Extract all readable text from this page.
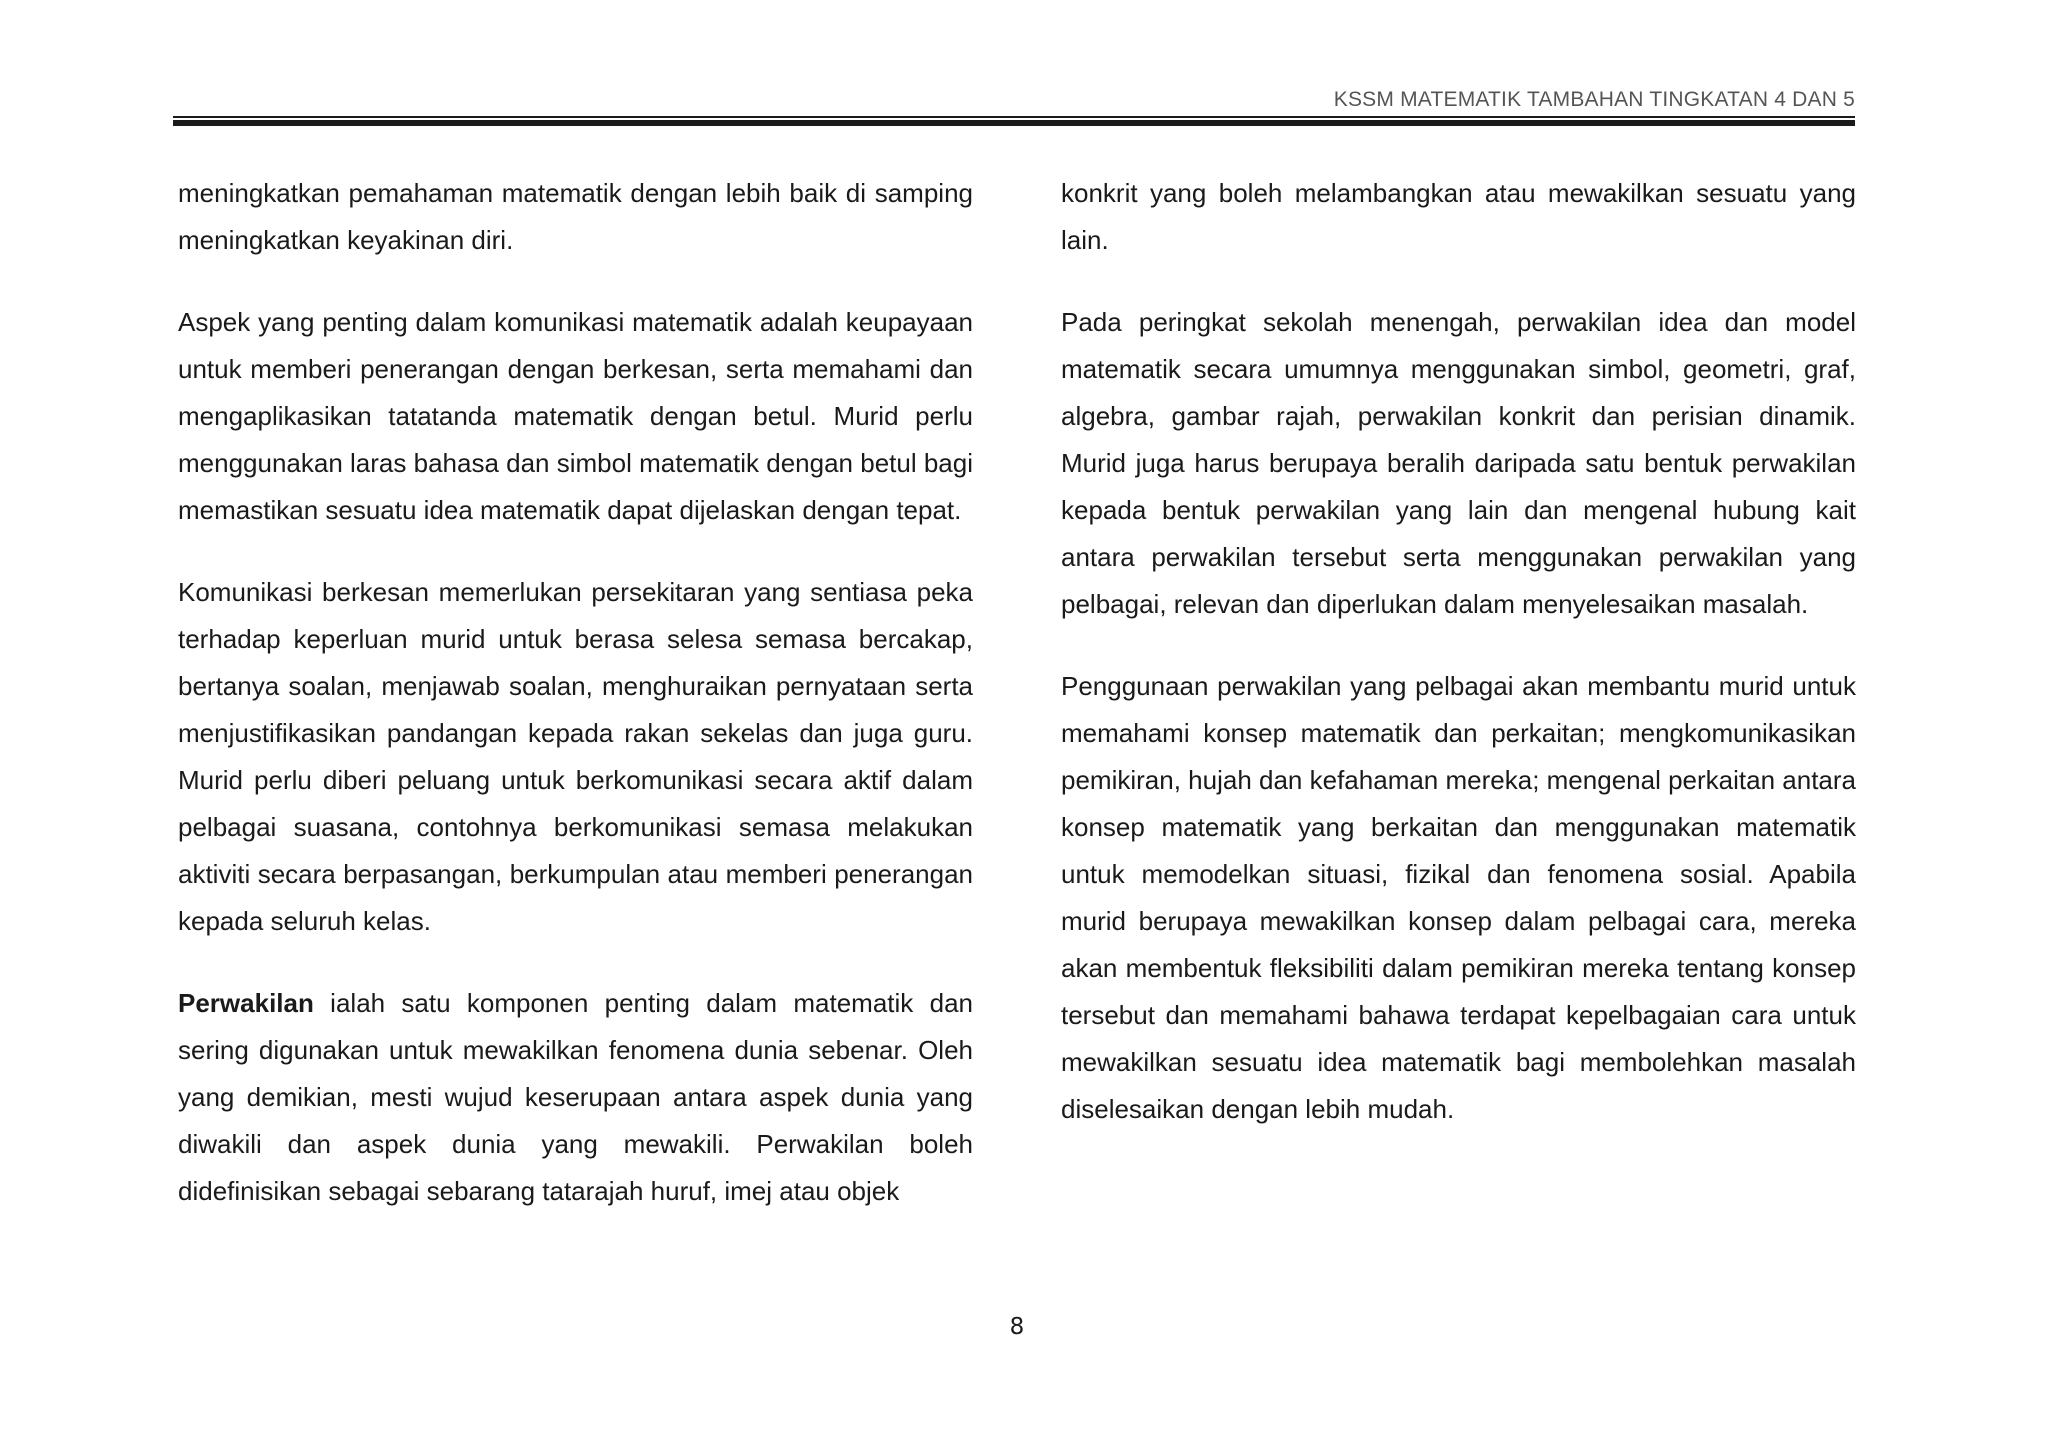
KSSM MATEMATIK TAMBAHAN TINGKATAN 4 DAN 5

meningkatkan pemahaman matematik dengan lebih baik di samping meningkatkan keyakinan diri.

Aspek yang penting dalam komunikasi matematik adalah keupayaan untuk memberi penerangan dengan berkesan, serta memahami dan mengaplikasikan tatatanda matematik dengan betul. Murid perlu menggunakan laras bahasa dan simbol matematik dengan betul bagi memastikan sesuatu idea matematik dapat dijelaskan dengan tepat.

Komunikasi berkesan memerlukan persekitaran yang sentiasa peka terhadap keperluan murid untuk berasa selesa semasa bercakap, bertanya soalan, menjawab soalan, menghuraikan pernyataan serta menjustifikasikan pandangan kepada rakan sekelas dan juga guru. Murid perlu diberi peluang untuk berkomunikasi secara aktif dalam pelbagai suasana, contohnya berkomunikasi semasa melakukan aktiviti secara berpasangan, berkumpulan atau memberi penerangan kepada seluruh kelas.

Perwakilan ialah satu komponen penting dalam matematik dan sering digunakan untuk mewakilkan fenomena dunia sebenar. Oleh yang demikian, mesti wujud keserupaan antara aspek dunia yang diwakili dan aspek dunia yang mewakili. Perwakilan boleh didefinisikan sebagai sebarang tatarajah huruf, imej atau objek

konkrit yang boleh melambangkan atau mewakilkan sesuatu yang lain.

Pada peringkat sekolah menengah, perwakilan idea dan model matematik secara umumnya menggunakan simbol, geometri, graf, algebra, gambar rajah, perwakilan konkrit dan perisian dinamik. Murid juga harus berupaya beralih daripada satu bentuk perwakilan kepada bentuk perwakilan yang lain dan mengenal hubung kait antara perwakilan tersebut serta menggunakan perwakilan yang pelbagai, relevan dan diperlukan dalam menyelesaikan masalah.

Penggunaan perwakilan yang pelbagai akan membantu murid untuk memahami konsep matematik dan perkaitan; mengkomunikasikan pemikiran, hujah dan kefahaman mereka; mengenal perkaitan antara konsep matematik yang berkaitan dan menggunakan matematik untuk memodelkan situasi, fizikal dan fenomena sosial. Apabila murid berupaya mewakilkan konsep dalam pelbagai cara, mereka akan membentuk fleksibiliti dalam pemikiran mereka tentang konsep tersebut dan memahami bahawa terdapat kepelbagaian cara untuk mewakilkan sesuatu idea matematik bagi membolehkan masalah diselesaikan dengan lebih mudah.

8
